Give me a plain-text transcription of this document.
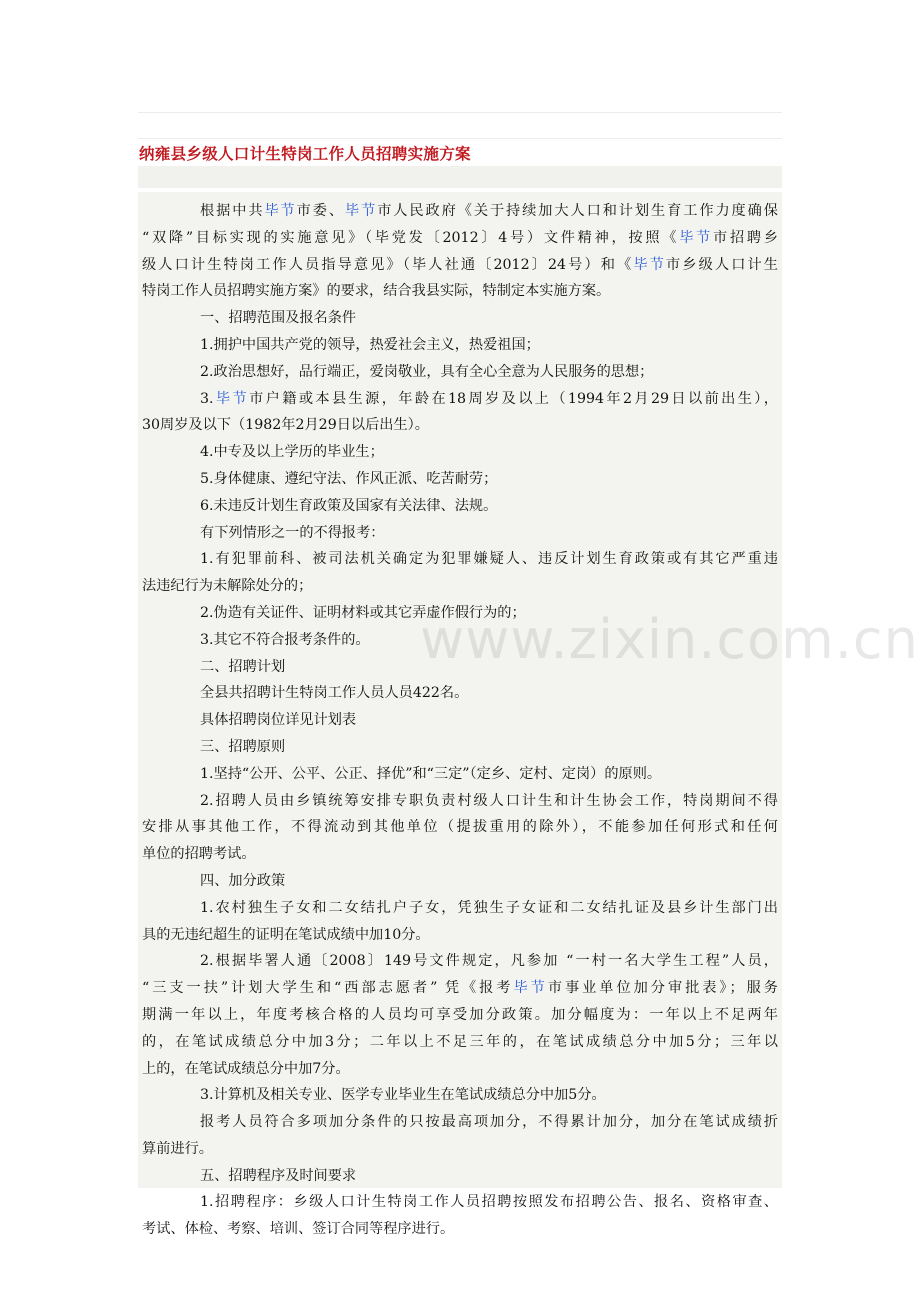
纳雍县乡级人口计生特岗工作人员招聘实施方案
根据中共毕节市委、毕节市人民政府《关于持续加大人口和计划生育工作力度确保
“双降”目标实现的实施意见》（毕党发〔2012〕4号）文件精神，按照《毕节市招聘乡
级人口计生特岗工作人员指导意见》（毕人社通〔2012〕24号）和《毕节市乡级人口计生
特岗工作人员招聘实施方案》的要求，结合我县实际，特制定本实施方案。
一、招聘范围及报名条件
1.拥护中国共产党的领导，热爱社会主义，热爱祖国；
2.政治思想好，品行端正，爱岗敬业，具有全心全意为人民服务的思想；
3.毕节市户籍或本县生源，年龄在18周岁及以上（1994年2月29日以前出生），
30周岁及以下（1982年2月29日以后出生）。
4.中专及以上学历的毕业生；
5.身体健康、遵纪守法、作风正派、吃苦耐劳；
6.未违反计划生育政策及国家有关法律、法规。
有下列情形之一的不得报考：
1.有犯罪前科、被司法机关确定为犯罪嫌疑人、违反计划生育政策或有其它严重违
法违纪行为未解除处分的；
2.伪造有关证件、证明材料或其它弄虚作假行为的；
3.其它不符合报考条件的。
二、招聘计划
全县共招聘计生特岗工作人员人员422名。
具体招聘岗位详见计划表
三、招聘原则
1.坚持“公开、公平、公正、择优”和“三定”（定乡、定村、定岗）的原则。
2.招聘人员由乡镇统筹安排专职负责村级人口计生和计生协会工作，特岗期间不得
安排从事其他工作，不得流动到其他单位（提拔重用的除外），不能参加任何形式和任何
单位的招聘考试。
四、加分政策
1.农村独生子女和二女结扎户子女，凭独生子女证和二女结扎证及县乡计生部门出
具的无违纪超生的证明在笔试成绩中加10分。
2.根据毕署人通〔2008〕149号文件规定，凡参加 “一村一名大学生工程”人员，
“三支一扶”计划大学生和“西部志愿者” 凭《报考毕节市事业单位加分审批表》；服务
期满一年以上，年度考核合格的人员均可享受加分政策。加分幅度为：一年以上不足两年
的，在笔试成绩总分中加3分；二年以上不足三年的，在笔试成绩总分中加5分；三年以
上的，在笔试成绩总分中加7分。
3.计算机及相关专业、医学专业毕业生在笔试成绩总分中加5分。
报考人员符合多项加分条件的只按最高项加分，不得累计加分，加分在笔试成绩折
算前进行。
五、招聘程序及时间要求
1.招聘程序：乡级人口计生特岗工作人员招聘按照发布招聘公告、报名、资格审查、
考试、体检、考察、培训、签订合同等程序进行。
www.zixin.com.cn
